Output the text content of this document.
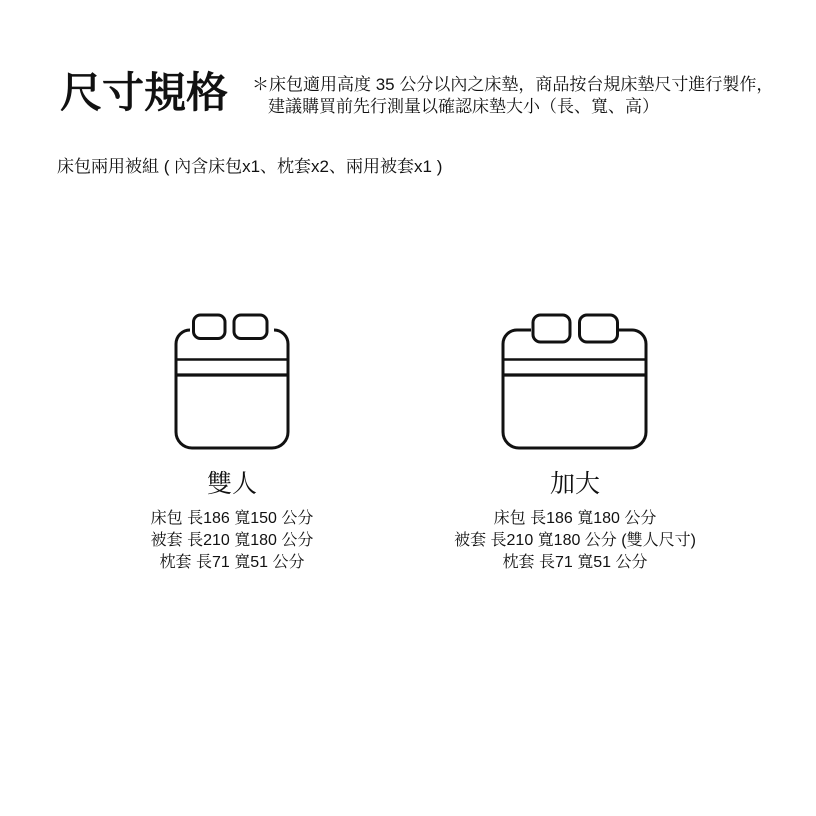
尺寸規格 ＊床包適用高度 35 公分以內之床墊，商品按台規床墊尺寸進行製作，
建議購買前先行測量以確認床墊大小（長、寬、高）
床包兩用被組 ( 內含床包x1、枕套x2、兩用被套x1 )
雙人
床包 長186 寬150 公分
被套 長210 寬180 公分
枕套 長71 寬51 公分
加大
床包 長186 寬180 公分
被套 長210 寬180 公分 (雙人尺寸)
枕套 長71 寬51 公分
